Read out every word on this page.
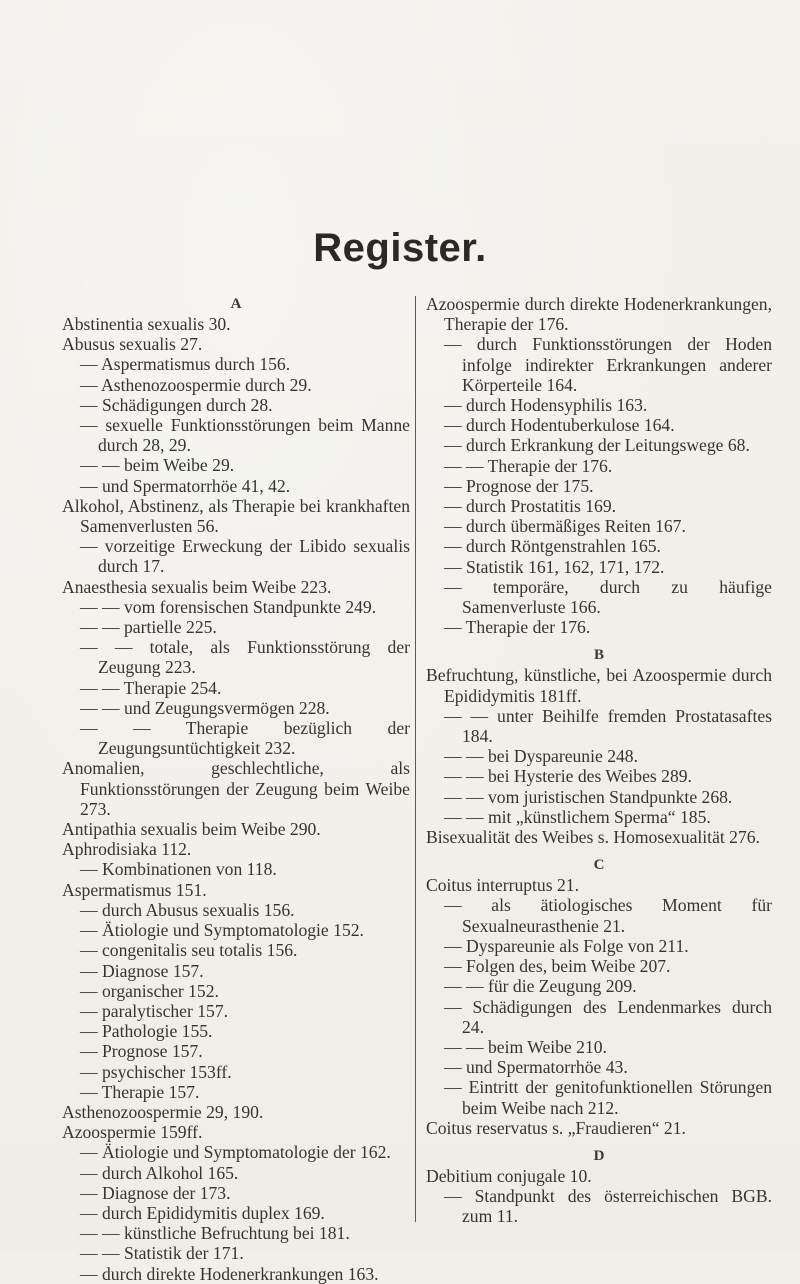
Register.
A
Abstinentia sexualis 30.
Abusus sexualis 27.
— Aspermatismus durch 156.
— Asthenozoospermie durch 29.
— Schädigungen durch 28.
— sexuelle Funktionsstörungen beim Manne durch 28, 29.
— — beim Weibe 29.
— und Spermatorrhöe 41, 42.
Alkohol, Abstinenz, als Therapie bei krankhaften Samenverlusten 56.
— vorzeitige Erweckung der Libido sexualis durch 17.
Anaesthesia sexualis beim Weibe 223.
— — vom forensischen Standpunkte 249.
— — partielle 225.
— — totale, als Funktionsstörung der Zeugung 223.
— — Therapie 254.
— — und Zeugungsvermögen 228.
— — Therapie bezüglich der Zeugungsuntüchtigkeit 232.
Anomalien, geschlechtliche, als Funktionsstörungen der Zeugung beim Weibe 273.
Antipathia sexualis beim Weibe 290.
Aphrodisiaka 112.
— Kombinationen von 118.
Aspermatismus 151.
— durch Abusus sexualis 156.
— Ätiologie und Symptomatologie 152.
— congenitalis seu totalis 156.
— Diagnose 157.
— organischer 152.
— paralytischer 157.
— Pathologie 155.
— Prognose 157.
— psychischer 153ff.
— Therapie 157.
Asthenozoospermie 29, 190.
Azoospermie 159ff.
— Ätiologie und Symptomatologie der 162.
— durch Alkohol 165.
— Diagnose der 173.
— durch Epididymitis duplex 169.
— — künstliche Befruchtung bei 181.
— — Statistik der 171.
— durch direkte Hodenerkrankungen 163.
Azoospermie durch direkte Hodenerkrankungen, Therapie der 176.
— durch Funktionsstörungen der Hoden infolge indirekter Erkrankungen anderer Körperteile 164.
— durch Hodensyphilis 163.
— durch Hodentuberkulose 164.
— durch Erkrankung der Leitungswege 68.
— — Therapie der 176.
— Prognose der 175.
— durch Prostatitis 169.
— durch übermäßiges Reiten 167.
— durch Röntgenstrahlen 165.
— Statistik 161, 162, 171, 172.
— temporäre, durch zu häufige Samenverluste 166.
— Therapie der 176.
B
Befruchtung, künstliche, bei Azoospermie durch Epididymitis 181ff.
— — unter Beihilfe fremden Prostatasaftes 184.
— — bei Dyspareunie 248.
— — bei Hysterie des Weibes 289.
— — vom juristischen Standpunkte 268.
— — mit „künstlichem Sperma“ 185.
Bisexualität des Weibes s. Homosexualität 276.
C
Coitus interruptus 21.
— als ätiologisches Moment für Sexualneurasthenie 21.
— Dyspareunie als Folge von 211.
— Folgen des, beim Weibe 207.
— — für die Zeugung 209.
— Schädigungen des Lendenmarkes durch 24.
— — beim Weibe 210.
— und Spermatorrhöe 43.
— Eintritt der genitofunktionellen Störungen beim Weibe nach 212.
Coitus reservatus s. „Fraudieren“ 21.
D
Debitium conjugale 10.
— Standpunkt des österreichischen BGB. zum 11.
